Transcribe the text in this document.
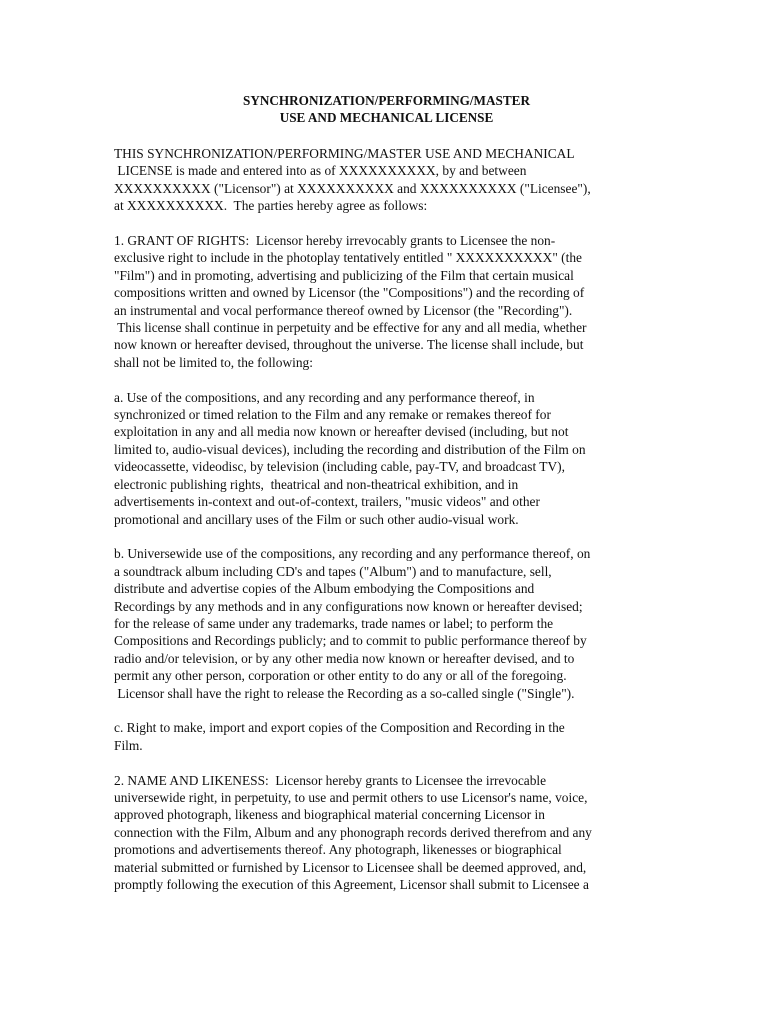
SYNCHRONIZATION/PERFORMING/MASTER

USE AND MECHANICAL LICENSE

THIS SYNCHRONIZATION/PERFORMING/MASTER USE AND MECHANICAL
LICENSE is made and entered into as of XXXXXXXXXX, by and between
XXXXXXXXXX ("Licensor") at XXXXXXXXXX and XXXXXXXXXX ("Licensee"),
at XXXXXXXXXX.  The parties hereby agree as follows:
1. GRANT OF RIGHTS:  Licensor hereby irrevocably grants to Licensee the non-
exclusive right to include in the photoplay tentatively entitled " XXXXXXXXXX" (the
"Film") and in promoting, advertising and publicizing of the Film that certain musical
compositions written and owned by Licensor (the "Compositions") and the recording of
an instrumental and vocal performance thereof owned by Licensor (the "Recording").
This license shall continue in perpetuity and be effective for any and all media, whether
now known or hereafter devised, throughout the universe. The license shall include, but
shall not be limited to, the following:
a. Use of the compositions, and any recording and any performance thereof, in
synchronized or timed relation to the Film and any remake or remakes thereof for
exploitation in any and all media now known or hereafter devised (including, but not
limited to, audio-visual devices), including the recording and distribution of the Film on
videocassette, videodisc, by television (including cable, pay-TV, and broadcast TV),
electronic publishing rights,  theatrical and non-theatrical exhibition, and in
advertisements in-context and out-of-context, trailers, "music videos" and other
promotional and ancillary uses of the Film or such other audio-visual work.
b. Universewide use of the compositions, any recording and any performance thereof, on
a soundtrack album including CD's and tapes ("Album") and to manufacture, sell,
distribute and advertise copies of the Album embodying the Compositions and
Recordings by any methods and in any configurations now known or hereafter devised;
for the release of same under any trademarks, trade names or label; to perform the
Compositions and Recordings publicly; and to commit to public performance thereof by
radio and/or television, or by any other media now known or hereafter devised, and to
permit any other person, corporation or other entity to do any or all of the foregoing.
Licensor shall have the right to release the Recording as a so-called single ("Single").
c. Right to make, import and export copies of the Composition and Recording in the
Film.
2. NAME AND LIKENESS:  Licensor hereby grants to Licensee the irrevocable
universewide right, in perpetuity, to use and permit others to use Licensor's name, voice,
approved photograph, likeness and biographical material concerning Licensor in
connection with the Film, Album and any phonograph records derived therefrom and any
promotions and advertisements thereof. Any photograph, likenesses or biographical
material submitted or furnished by Licensor to Licensee shall be deemed approved, and,
promptly following the execution of this Agreement, Licensor shall submit to Licensee a
